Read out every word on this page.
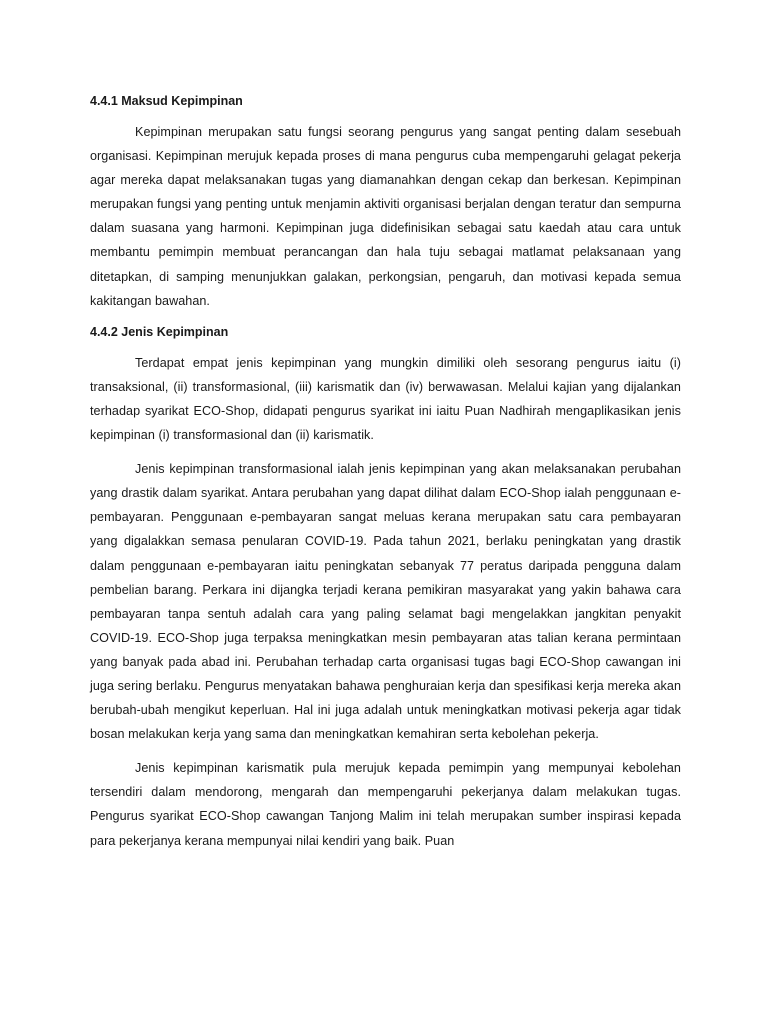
4.4.1 Maksud Kepimpinan

Kepimpinan merupakan satu fungsi seorang pengurus yang sangat penting dalam sesebuah organisasi. Kepimpinan merujuk kepada proses di mana pengurus cuba mempengaruhi gelagat pekerja agar mereka dapat melaksanakan tugas yang diamanahkan dengan cekap dan berkesan. Kepimpinan merupakan fungsi yang penting untuk menjamin aktiviti organisasi berjalan dengan teratur dan sempurna dalam suasana yang harmoni. Kepimpinan juga didefinisikan sebagai satu kaedah atau cara untuk membantu pemimpin membuat perancangan dan hala tuju sebagai matlamat pelaksanaan yang ditetapkan, di samping menunjukkan galakan, perkongsian, pengaruh, dan motivasi kepada semua kakitangan bawahan.

4.4.2 Jenis Kepimpinan

Terdapat empat jenis kepimpinan yang mungkin dimiliki oleh sesorang pengurus iaitu (i) transaksional, (ii) transformasional, (iii) karismatik dan (iv) berwawasan. Melalui kajian yang dijalankan terhadap syarikat ECO-Shop, didapati pengurus syarikat ini iaitu Puan Nadhirah mengaplikasikan jenis kepimpinan (i) transformasional dan (ii) karismatik.

Jenis kepimpinan transformasional ialah jenis kepimpinan yang akan melaksanakan perubahan yang drastik dalam syarikat. Antara perubahan yang dapat dilihat dalam ECO-Shop ialah penggunaan e-pembayaran. Penggunaan e-pembayaran sangat meluas kerana merupakan satu cara pembayaran yang digalakkan semasa penularan COVID-19. Pada tahun 2021, berlaku peningkatan yang drastik dalam penggunaan e-pembayaran iaitu peningkatan sebanyak 77 peratus daripada pengguna dalam pembelian barang. Perkara ini dijangka terjadi kerana pemikiran masyarakat yang yakin bahawa cara pembayaran tanpa sentuh adalah cara yang paling selamat bagi mengelakkan jangkitan penyakit COVID-19. ECO-Shop juga terpaksa meningkatkan mesin pembayaran atas talian kerana permintaan yang banyak pada abad ini. Perubahan terhadap carta organisasi tugas bagi ECO-Shop cawangan ini juga sering berlaku. Pengurus menyatakan bahawa penghuraian kerja dan spesifikasi kerja mereka akan berubah-ubah mengikut keperluan. Hal ini juga adalah untuk meningkatkan motivasi pekerja agar tidak bosan melakukan kerja yang sama dan meningkatkan kemahiran serta kebolehan pekerja.

Jenis kepimpinan karismatik pula merujuk kepada pemimpin yang mempunyai kebolehan tersendiri dalam mendorong, mengarah dan mempengaruhi pekerjanya dalam melakukan tugas. Pengurus syarikat ECO-Shop cawangan Tanjong Malim ini telah merupakan sumber inspirasi kepada para pekerjanya kerana mempunyai nilai kendiri yang baik. Puan
